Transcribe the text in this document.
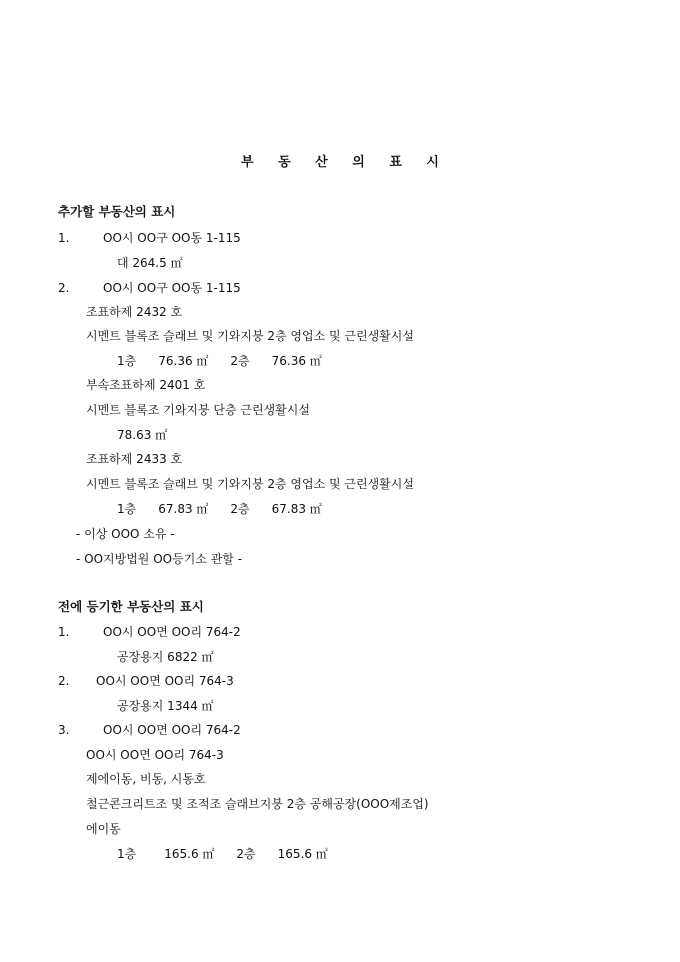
부 동 산 의 표 시
추가할 부동산의 표시
1.	OO시 OO구 OO동 1-115
대 264.5 ㎡
2.	OO시 OO구 OO동 1-115
조표하제 2432 호
시멘트 블록조 슬래브 및 기와지붕 2층 영업소 및 근린생활시설
1층 76.36 ㎡ 2층 76.36 ㎡
부속조표하제 2401 호
시멘트 블록조 기와지붕 단층 근린생활시설
78.63 ㎡
조표하제 2433 호
시멘트 블록조 슬래브 및 기와지붕 2층 영업소 및 근린생활시설
1층 67.83 ㎡ 2층 67.83 ㎡
- 이상 OOO 소유 -
- OO지방법원 OO등기소 관할 -
전에 등기한 부동산의 표시
1.	OO시 OO면 OO리 764-2
공장용지 6822 ㎡
2. OO시 OO면 OO리 764-3
공장용지 1344 ㎡
3.	OO시 OO면 OO리 764-2
OO시 OO면 OO리 764-3
제에이동, 비동, 시동호
철근콘크리트조 및 조적조 슬래브지붕 2층 공해공장(OOO제조업)
에이동
1층 165.6 ㎡ 2층 165.6 ㎡
